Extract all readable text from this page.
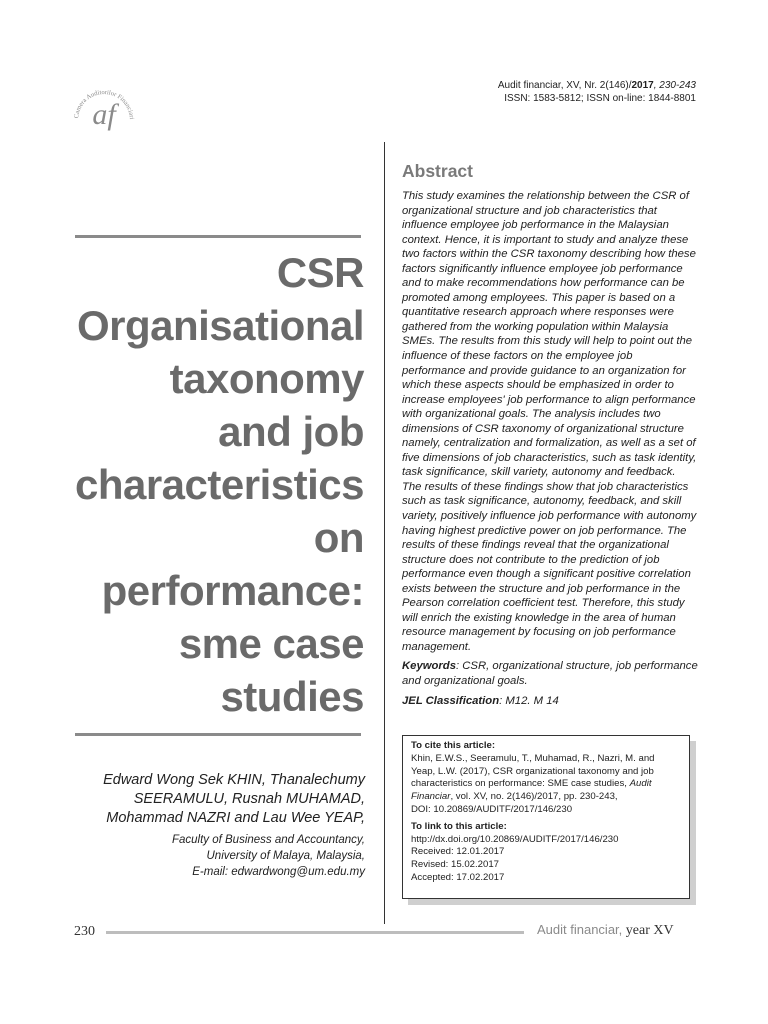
Camera Auditorilor Financiari
af
Audit financiar, XV, Nr. 2(146)/2017, 230-243
ISSN: 1583-5812; ISSN on-line: 1844-8801
CSR
Organisational
taxonomy
and job
characteristics
on
performance:
sme case
studies
Edward Wong Sek KHIN, Thanalechumy
SEERAMULU, Rusnah MUHAMAD,
Mohammad NAZRI and Lau Wee YEAP,
Faculty of Business and Accountancy,
University of Malaya, Malaysia,
E-mail: edwardwong@um.edu.my
Abstract
This study examines the relationship between the CSR of organizational structure and job characteristics that influence employee job performance in the Malaysian context. Hence, it is important to study and analyze these two factors within the CSR taxonomy describing how these factors significantly influence employee job performance and to make recommendations how performance can be promoted among employees. This paper is based on a quantitative research approach where responses were gathered from the working population within Malaysia SMEs. The results from this study will help to point out the influence of these factors on the employee job performance and provide guidance to an organization for which these aspects should be emphasized in order to increase employees' job performance to align performance with organizational goals. The analysis includes two dimensions of CSR taxonomy of organizational structure namely, centralization and formalization, as well as a set of five dimensions of job characteristics, such as task identity, task significance, skill variety, autonomy and feedback. The results of these findings show that job characteristics such as task significance, autonomy, feedback, and skill variety, positively influence job performance with autonomy having highest predictive power on job performance. The results of these findings reveal that the organizational structure does not contribute to the prediction of job performance even though a significant positive correlation exists between the structure and job performance in the Pearson correlation coefficient test. Therefore, this study will enrich the existing knowledge in the area of human resource management by focusing on job performance management.
Keywords: CSR, organizational structure, job performance and organizational goals.
JEL Classification: M12. M 14
To cite this article:
Khin, E.W.S., Seeramulu, T., Muhamad, R., Nazri, M. and Yeap, L.W. (2017), CSR organizational taxonomy and job characteristics on performance: SME case studies, Audit Financiar, vol. XV, no. 2(146)/2017, pp. 230-243,
DOI: 10.20869/AUDITF/2017/146/230
To link to this article:
http://dx.doi.org/10.20869/AUDITF/2017/146/230
Received: 12.01.2017
Revised: 15.02.2017
Accepted: 17.02.2017
230	Audit financiar, year XV
